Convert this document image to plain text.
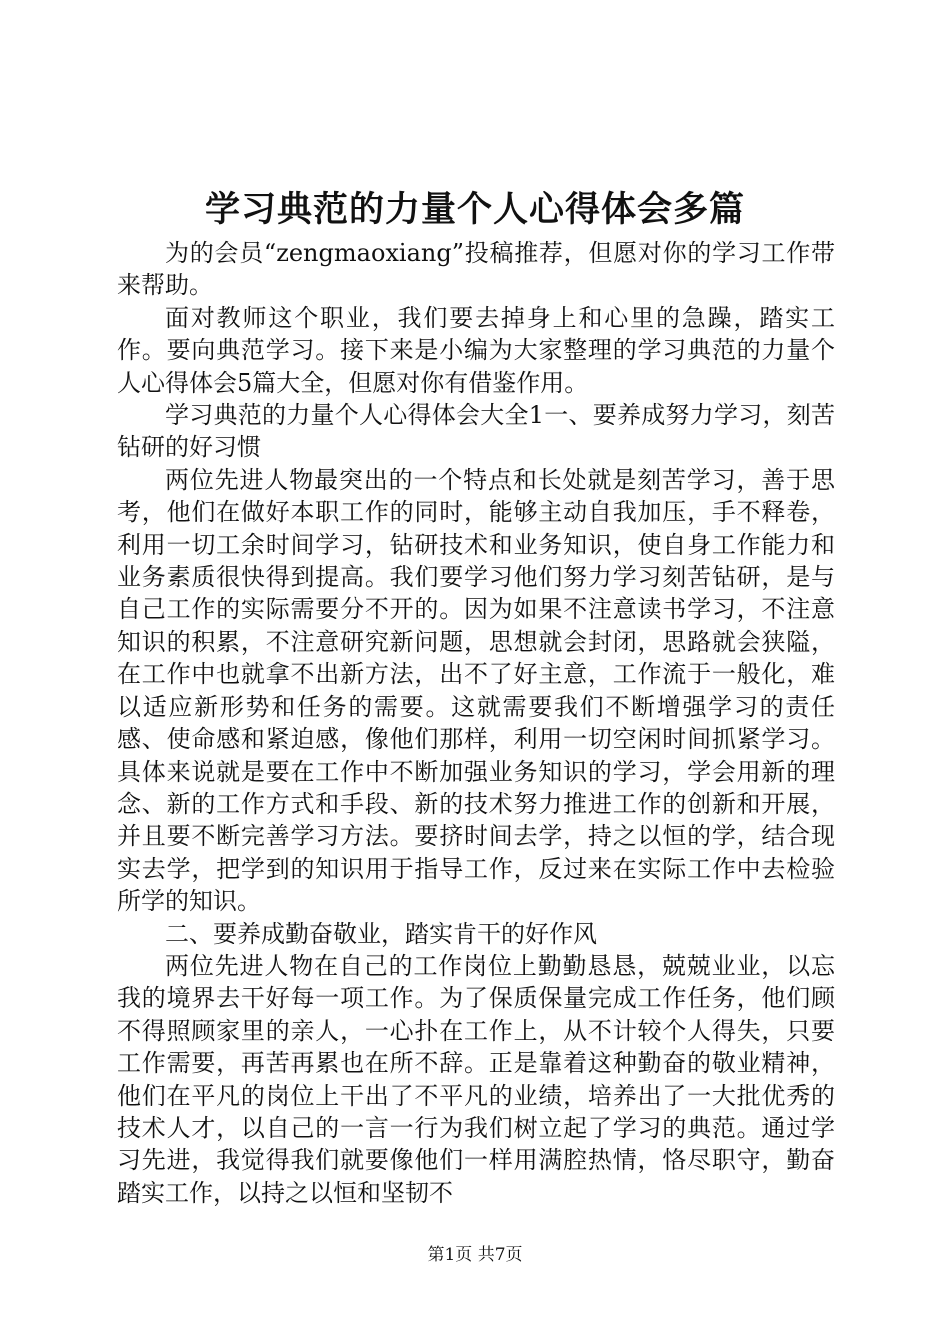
学习典范的力量个人心得体会多篇

为的会员“zengmaoxiang”投稿推荐，但愿对你的学习工作带来帮助。

面对教师这个职业，我们要去掉身上和心里的急躁，踏实工作。要向典范学习。接下来是小编为大家整理的学习典范的力量个人心得体会5篇大全，但愿对你有借鉴作用。

学习典范的力量个人心得体会大全1一、要养成努力学习，刻苦钻研的好习惯

两位先进人物最突出的一个特点和长处就是刻苦学习，善于思考，他们在做好本职工作的同时，能够主动自我加压，手不释卷，利用一切工余时间学习，钻研技术和业务知识，使自身工作能力和业务素质很快得到提高。我们要学习他们努力学习刻苦钻研，是与自己工作的实际需要分不开的。因为如果不注意读书学习，不注意知识的积累，不注意研究新问题，思想就会封闭，思路就会狭隘，在工作中也就拿不出新方法，出不了好主意，工作流于一般化，难以适应新形势和任务的需要。这就需要我们不断增强学习的责任感、使命感和紧迫感，像他们那样，利用一切空闲时间抓紧学习。具体来说就是要在工作中不断加强业务知识的学习，学会用新的理念、新的工作方式和手段、新的技术努力推进工作的创新和开展，并且要不断完善学习方法。要挤时间去学，持之以恒的学，结合现实去学，把学到的知识用于指导工作，反过来在实际工作中去检验所学的知识。

二、要养成勤奋敬业，踏实肯干的好作风

两位先进人物在自己的工作岗位上勤勤恳恳，兢兢业业，以忘我的境界去干好每一项工作。为了保质保量完成工作任务，他们顾不得照顾家里的亲人，一心扑在工作上，从不计较个人得失，只要工作需要，再苦再累也在所不辞。正是靠着这种勤奋的敬业精神，他们在平凡的岗位上干出了不平凡的业绩，培养出了一大批优秀的技术人才，以自己的一言一行为我们树立起了学习的典范。通过学习先进，我觉得我们就要像他们一样用满腔热情，恪尽职守，勤奋踏实工作，以持之以恒和坚韧不

第1页 共7页
